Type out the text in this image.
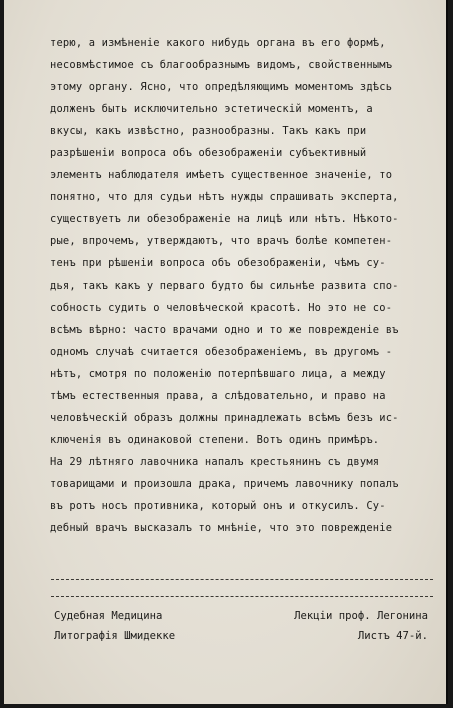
терю, а измѣненіе какого нибудь органа въ его формѣ,
несовмѣстимое съ благообразнымъ видомъ, свойственнымъ
этому органу. Ясно, что опредѣляющимъ моментомъ здѣсь
долженъ быть исключительно эстетическій моментъ, а
вкусы, какъ извѣстно, разнообразны. Такъ какъ при
разрѣшеніи вопроса объ обезображеніи субъективный
элементъ наблюдателя имѣетъ существенное значеніе, то
понятно, что для судьи нѣтъ нужды спрашивать эксперта,
существуетъ ли обезображеніе на лицѣ или нѣтъ. Нѣкото-
рые, впрочемъ, утверждаютъ, что врачъ болѣе компетен-
тенъ при рѣшеніи вопроса объ обезображеніи, чѣмъ су-
дья, такъ какъ у перваго будто бы сильнѣе развита спо-
собность судить о человѣческой красотѣ. Но это не со-
всѣмъ вѣрно: часто врачами одно и то же поврежденіе въ
одномъ случаѣ считается обезображеніемъ, въ другомъ -
нѣтъ, смотря по положенію потерпѣвшаго лица, а между
тѣмъ естественныя права, а слѣдовательно, и право на
человѣческій образъ должны принадлежать всѣмъ безъ ис-
ключенія въ одинаковой степени. Вотъ одинъ примѣръ.
На 29 лѣтняго лавочника напалъ крестьянинъ съ двумя
товарищами и произошла драка, причемъ лавочнику попалъ
въ ротъ носъ противника, который онъ и откусилъ. Су-
дебный врачъ высказалъ то мнѣніе, что это поврежденіе
Судебная Медицина	Лекціи проф. Легонина
Литографія Шмидекке	Листъ 47-й.
